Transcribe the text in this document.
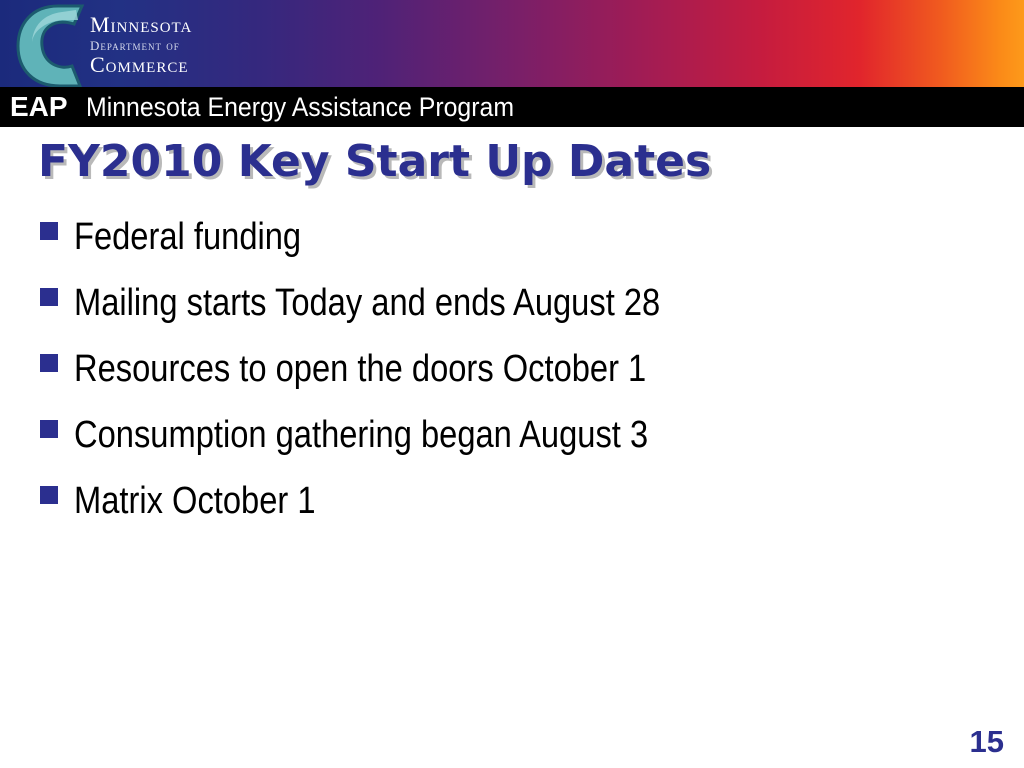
Minnesota
Department of
Commerce
EAP Minnesota Energy Assistance Program
FY2010 Key Start Up Dates
Federal funding
Mailing starts Today and ends August 28
Resources to open the doors October 1
Consumption gathering began August 3
Matrix October 1
15
